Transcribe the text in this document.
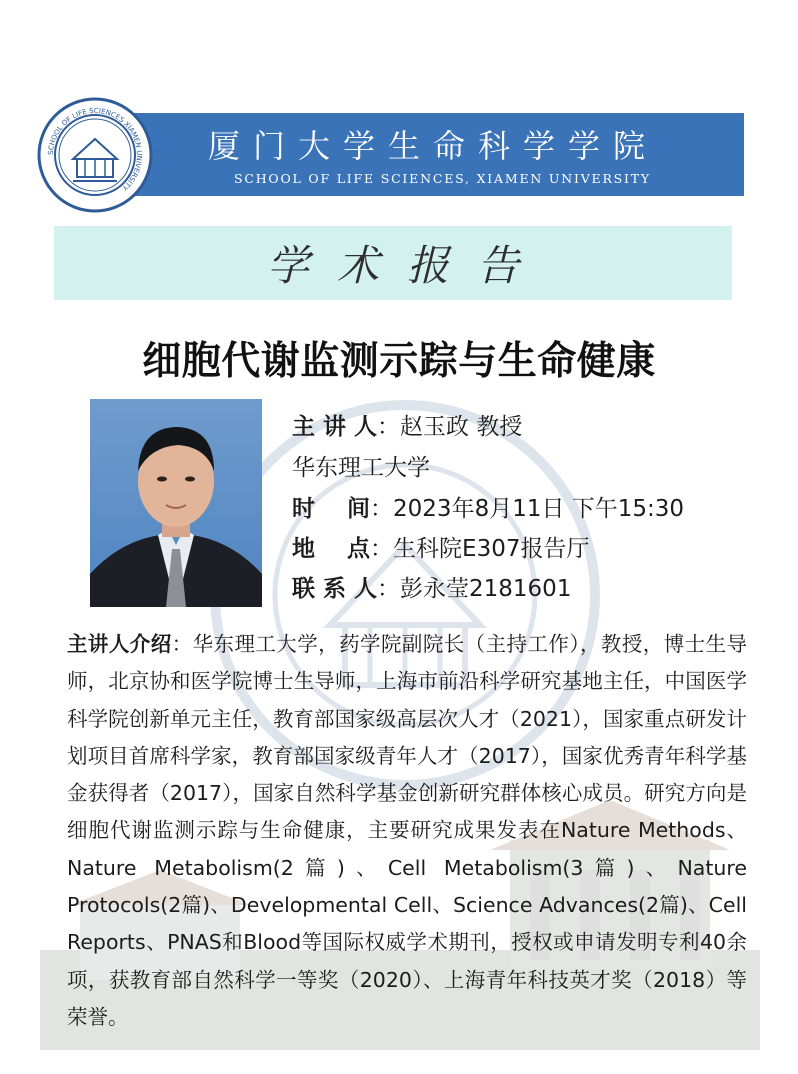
厦门大学生命科学学院
SCHOOL OF LIFE SCIENCES, XIAMEN UNIVERSITY
SCHOOL OF LIFE SCIENCES XIAMEN UNIVERSITY
学术报告
细胞代谢监测示踪与生命健康
主 讲 人：赵玉政 教授
华东理工大学
时    间：2023年8月11日 下午15:30
地    点：生科院E307报告厅
联 系 人：彭永莹2181601
主讲人介绍：华东理工大学，药学院副院长（主持工作），教授，博士生导师，北京协和医学院博士生导师，上海市前沿科学研究基地主任，中国医学科学院创新单元主任，教育部国家级高层次人才（2021），国家重点研发计划项目首席科学家，教育部国家级青年人才（2017），国家优秀青年科学基金获得者（2017），国家自然科学基金创新研究群体核心成员。研究方向是细胞代谢监测示踪与生命健康，主要研究成果发表在Nature Methods、Nature Metabolism(2篇)、Cell Metabolism(3篇)、Nature Protocols(2篇)、Developmental Cell、Science Advances(2篇)、Cell Reports、PNAS和Blood等国际权威学术期刊，授权或申请发明专利40余项，获教育部自然科学一等奖（2020）、上海青年科技英才奖（2018）等荣誉。
